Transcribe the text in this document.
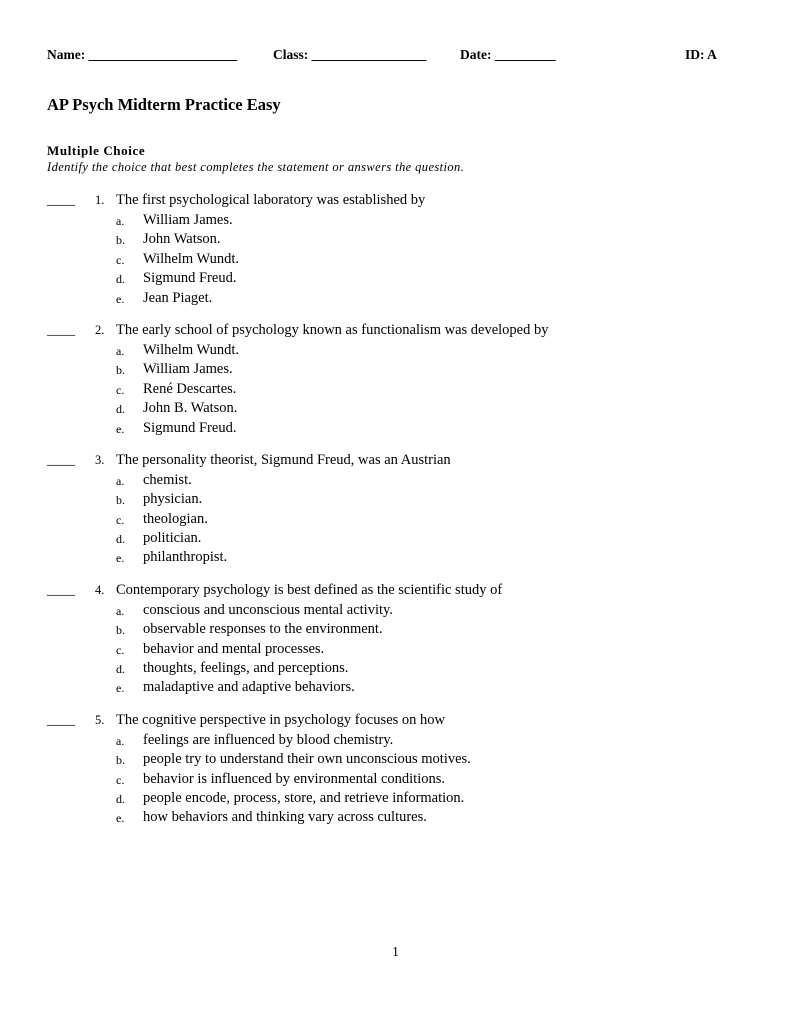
Name: ______________________	Class: _________________ Date: _________	ID: A
AP Psych Midterm Practice Easy
Multiple Choice
Identify the choice that best completes the statement or answers the question.
____ 1. The first psychological laboratory was established by
a. William James.
b. John Watson.
c. Wilhelm Wundt.
d. Sigmund Freud.
e. Jean Piaget.
____ 2. The early school of psychology known as functionalism was developed by
a. Wilhelm Wundt.
b. William James.
c. René Descartes.
d. John B. Watson.
e. Sigmund Freud.
____ 3. The personality theorist, Sigmund Freud, was an Austrian
a. chemist.
b. physician.
c. theologian.
d. politician.
e. philanthropist.
____ 4. Contemporary psychology is best defined as the scientific study of
a. conscious and unconscious mental activity.
b. observable responses to the environment.
c. behavior and mental processes.
d. thoughts, feelings, and perceptions.
e. maladaptive and adaptive behaviors.
____ 5. The cognitive perspective in psychology focuses on how
a. feelings are influenced by blood chemistry.
b. people try to understand their own unconscious motives.
c. behavior is influenced by environmental conditions.
d. people encode, process, store, and retrieve information.
e. how behaviors and thinking vary across cultures.
1
